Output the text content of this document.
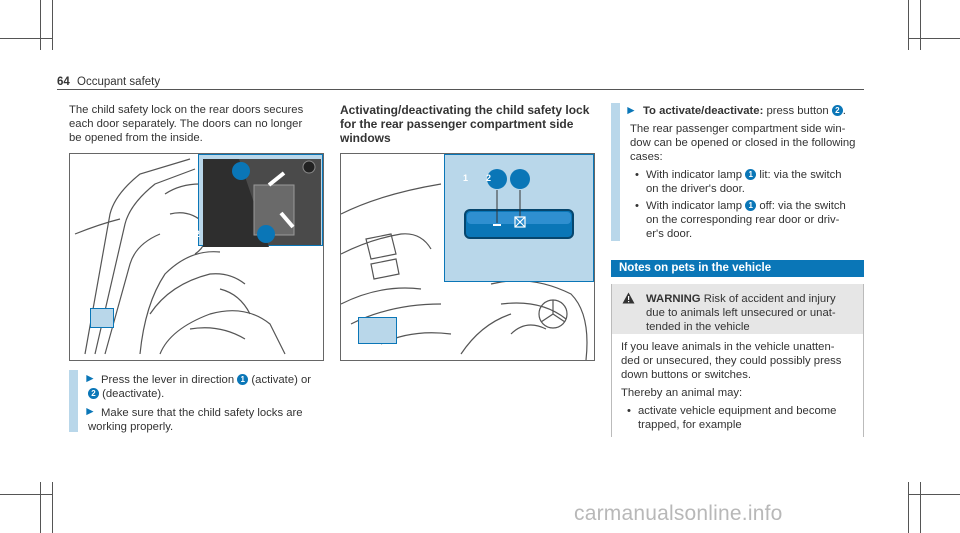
64 Occupant safety

The child safety lock on the rear doors secures

each door separately. The doors can no longer

be opened from the inside.

1
2
► Press the lever in direction 1 (activate) or

2 (deactivate).

► Make sure that the child safety locks are

working properly.

Activating/deactivating the child safety lock

for the rear passenger compartment side

windows

1 2
► To activate/deactivate: press button 2 .

The rear passenger compartment side win-

dow can be opened or closed in the following

cases:

• With indicator lamp 1 lit: via the switch

on the driver's door.

• With indicator lamp 1 off: via the switch

on the corresponding rear door or driv-

er's door.

Notes on pets in the vehicle

WARNING Risk of accident and injury

due to animals left unsecured or unat-

tended in the vehicle

If you leave animals in the vehicle unatten-

ded or unsecured, they could possibly press

down buttons or switches.

Thereby an animal may:

• activate vehicle equipment and become

trapped, for example

carmanualsonline.info
